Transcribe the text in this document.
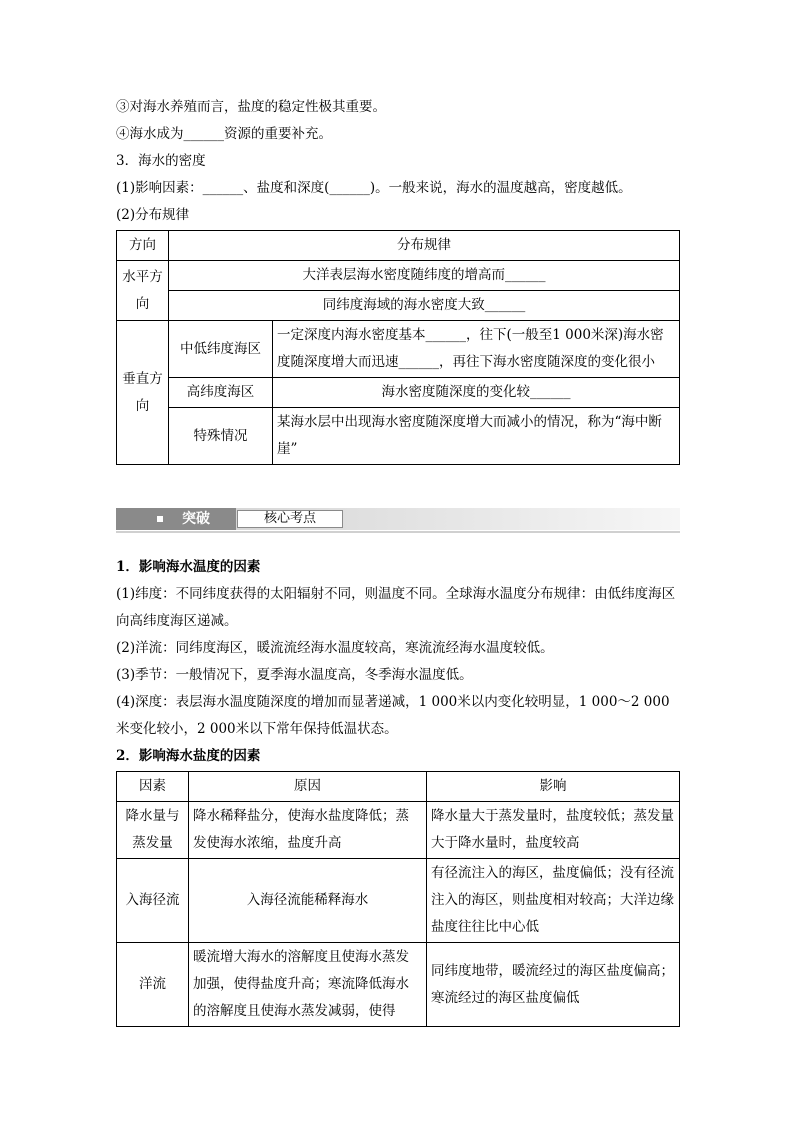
③对海水养殖而言，盐度的稳定性极其重要。
④海水成为______资源的重要补充。
3．海水的密度
(1)影响因素：______、盐度和深度(______)。一般来说，海水的温度越高，密度越低。
(2)分布规律
方向	分布规律	
水平方向	大洋表层海水密度随纬度的增高而______	
	同纬度海域的海水密度大致______	
垂直方向	中低纬度海区	一定深度内海水密度基本______，往下(一般至1 000米深)海水密度随深度增大而迅速______，再往下海水密度随深度的变化很小
	高纬度海区	海水密度随深度的变化较______
	特殊情况	某海水层中出现海水密度随深度增大而减小的情况，称为“海中断崖”
突破	核心考点
1．影响海水温度的因素
(1)纬度：不同纬度获得的太阳辐射不同，则温度不同。全球海水温度分布规律：由低纬度海区向高纬度海区递减。
(2)洋流：同纬度海区，暖流流经海水温度较高，寒流流经海水温度较低。
(3)季节：一般情况下，夏季海水温度高，冬季海水温度低。
(4)深度：表层海水温度随深度的增加而显著递减，1 000米以内变化较明显，1 000～2 000米变化较小，2 000米以下常年保持低温状态。
2．影响海水盐度的因素
因素	原因	影响
降水量与蒸发量	降水稀释盐分，使海水盐度降低；蒸发使海水浓缩，盐度升高	降水量大于蒸发量时，盐度较低；蒸发量大于降水量时，盐度较高
入海径流	入海径流能稀释海水	有径流注入的海区，盐度偏低；没有径流注入的海区，则盐度相对较高；大洋边缘盐度往往比中心低
洋流	暖流增大海水的溶解度且使海水蒸发加强，使得盐度升高；寒流降低海水的溶解度且使海水蒸发减弱，使得	同纬度地带，暖流经过的海区盐度偏高；寒流经过的海区盐度偏低
